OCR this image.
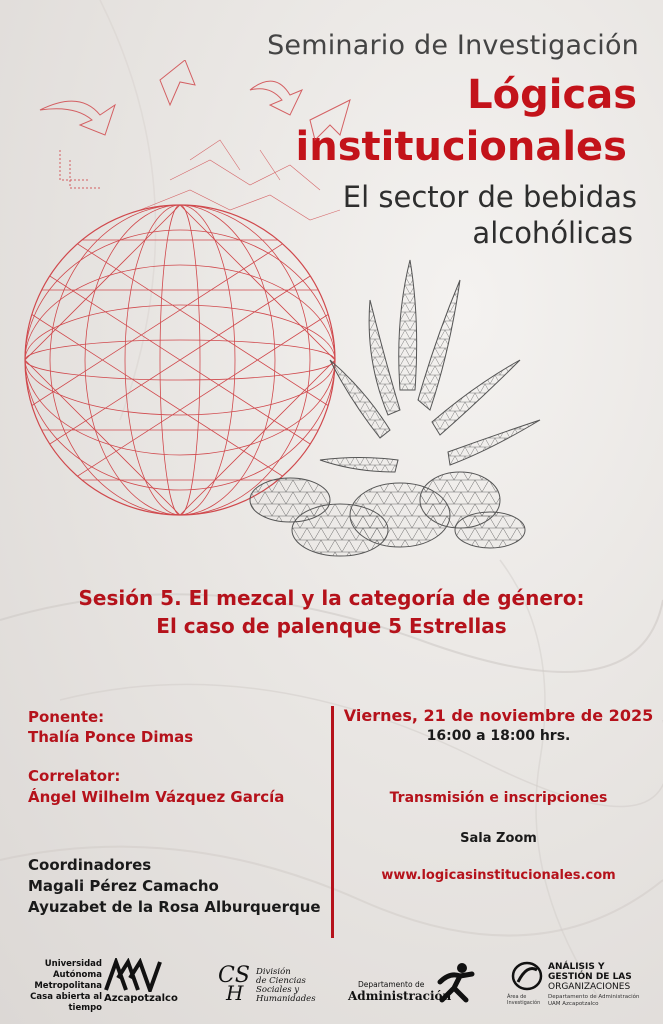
Seminario de Investigación
Lógicas
institucionales
El sector de bebidas
alcohólicas
Sesión 5. El mezcal y la categoría de género:
El caso de palenque 5 Estrellas
Ponente:
Thalía Ponce Dimas
Correlator:
Ángel Wilhelm Vázquez García
Coordinadores
Magali Pérez Camacho
Ayuzabet de la Rosa Alburquerque
Viernes, 21 de noviembre de 2025
16:00 a 18:00 hrs.
Transmisión e inscripciones
Sala Zoom
www.logicasinstitucionales.com
Universidad
Autónoma
Metropolitana
Casa abierta al tiempo
Azcapotzalco
CS
H
División
de Ciencias
Sociales y
Humanidades
Departamento de
Administración
ANÁLISIS Y
GESTIÓN DE LAS
ORGANIZACIONES
Departamento de Administración
UAM Azcapotzalco
Área de
Investigación
